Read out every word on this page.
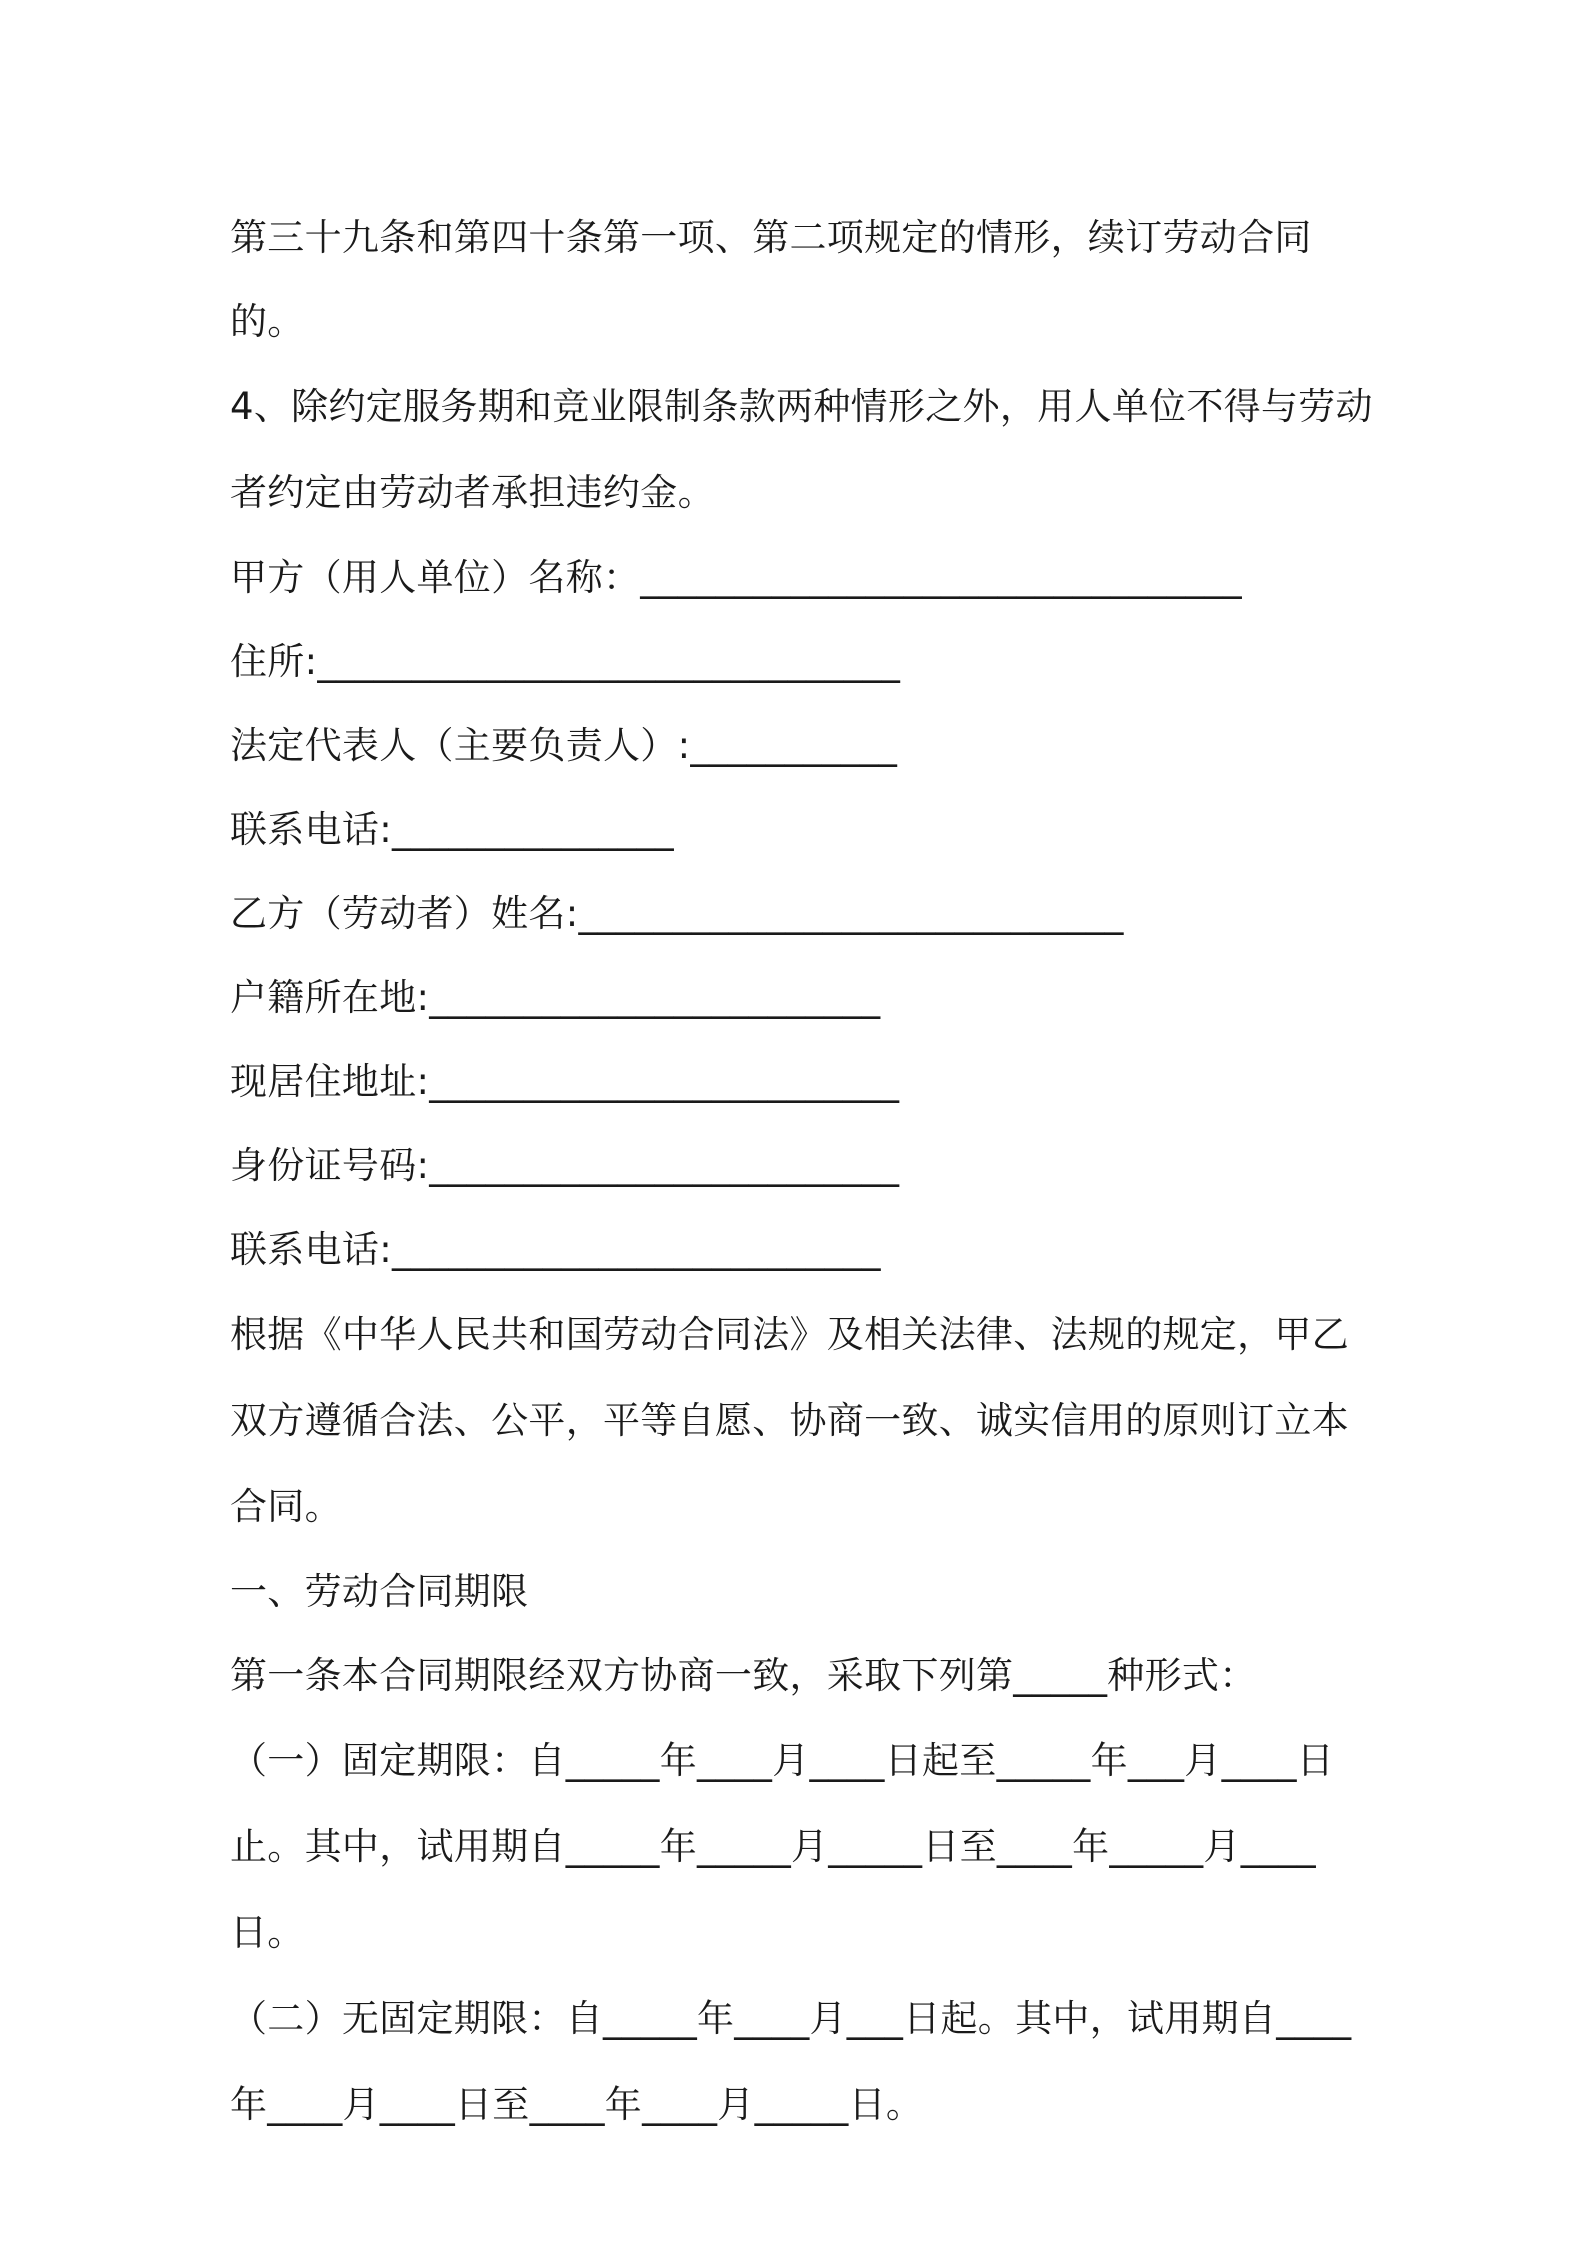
第三十九条和第四十条第一项、第二项规定的情形，续订劳动合同的。

4、除约定服务期和竞业限制条款两种情形之外，用人单位不得与劳动者约定由劳动者承担违约金。

甲方（用人单位）名称：________________________________

住所:_______________________________

法定代表人（主要负责人）:___________

联系电话:_______________

乙方（劳动者）姓名:_____________________________

户籍所在地:________________________

现居住地址:_________________________

身份证号码:_________________________

联系电话:__________________________

根据《中华人民共和国劳动合同法》及相关法律、法规的规定，甲乙双方遵循合法、公平，平等自愿、协商一致、诚实信用的原则订立本合同。

一、劳动合同期限

第一条本合同期限经双方协商一致，采取下列第_____种形式：

（一）固定期限：自_____年____月____日起至_____年___月____日止。其中，试用期自_____年_____月_____日至____年_____月____日。

（二）无固定期限：自_____年____月___日起。其中，试用期自____年____月____日至____年____月_____日。
